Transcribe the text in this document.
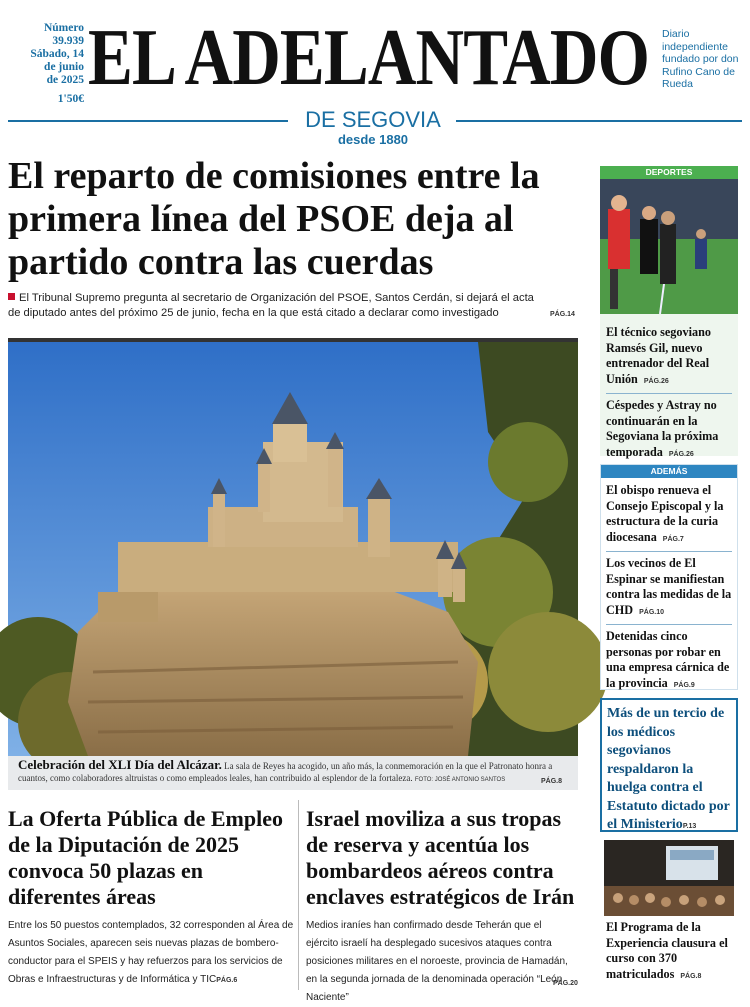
Número
39.939
Sábado, 14
de junio
de 2025
1'50€ EL ADELANTADO Diario independiente fundado por don Rufino Cano de Rueda
DE SEGOVIA
desde 1880
El reparto de comisiones entre la primera línea del PSOE deja al partido contra las cuerdas
El Tribunal Supremo pregunta al secretario de Organización del PSOE, Santos Cerdán, si dejará el acta de diputado antes del próximo 25 de junio, fecha en la que está citado a declarar como investigado	PÁG.14
Celebración del XLI Día del Alcázar. La sala de Reyes ha acogido, un año más, la conmemoración en la que el Patronato honra a cuantos, como colaboradores altruistas o como empleados leales, han contribuido al esplendor de la fortaleza. FOTO: JOSÉ ANTONIO SANTOS	PÁG.8
La Oferta Pública de Empleo de la Diputación de 2025 convoca 50 plazas en diferentes áreas
Entre los 50 puestos contemplados, 32 corresponden al Área de Asuntos Sociales, aparecen seis nuevas plazas de bombero-conductor para el SPEIS y hay refuerzos para los servicios de Obras e Infraestructuras y de Informática y TICPÁG.6
Israel moviliza a sus tropas de reserva y acentúa los bombardeos aéreos contra enclaves estratégicos de Irán
Medios iraníes han confirmado desde Teherán que el ejército israelí ha desplegado sucesivos ataques contra posiciones militares en el noroeste, provincia de Hamadán, en la segunda jornada de la denominada operación “León Naciente”
PÁG.20
DEPORTES
El técnico segoviano Ramsés Gil, nuevo entrenador del Real Unión PÁG.26
Céspedes y Astray no continuarán en la Segoviana la próxima temporada PÁG.26
ADEMÁS
El obispo renueva el Consejo Episcopal y la estructura de la curia diocesana PÁG.7
Los vecinos de El Espinar se manifiestan contra las medidas de la CHD PÁG.10
Detenidas cinco personas por robar en una empresa cárnica de la provincia PÁG.9
Más de un tercio de los médicos segovianos respaldaron la huelga contra el Estatuto dictado por el MinisterioP.13
El Programa de la Experiencia clausura el curso con 370 matriculados PÁG.8
